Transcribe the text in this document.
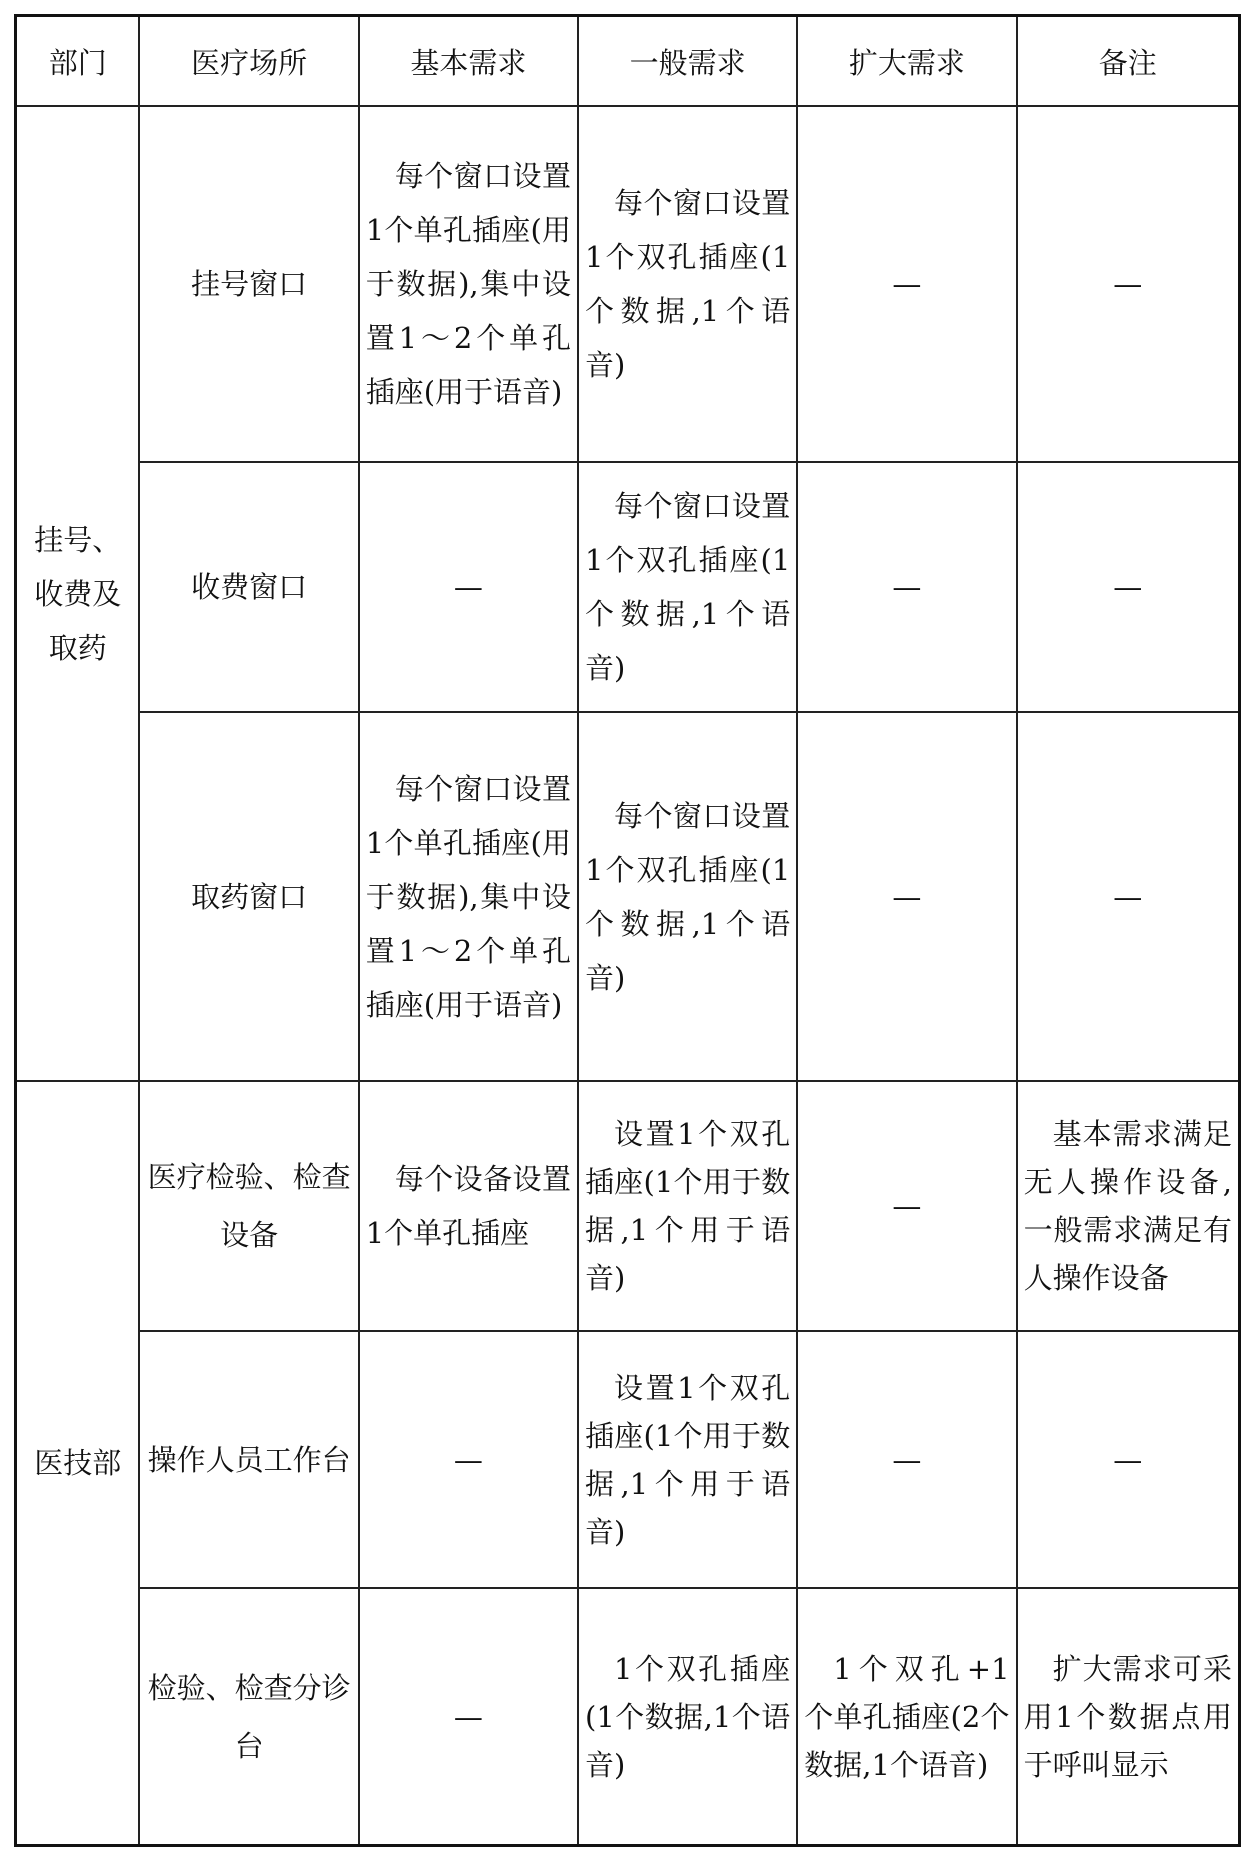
部门	医疗场所	基本需求	一般需求	扩大需求	备注
挂号、收费及取药	挂号窗口	每个窗口设置1个单孔插座(用于数据),集中设置1～2个单孔插座(用于语音)	每个窗口设置1个双孔插座(1个数据,1个语音)	—	—
	收费窗口	—	每个窗口设置1个双孔插座(1个数据,1个语音)	—	—
	取药窗口	每个窗口设置1个单孔插座(用于数据),集中设置1～2个单孔插座(用于语音)	每个窗口设置1个双孔插座(1个数据,1个语音)	—	—
医技部	医疗检验、检查设备	每个设备设置1个单孔插座	设置1个双孔插座(1个用于数据,1个用于语音)	—	基本需求满足无人操作设备,一般需求满足有人操作设备
	操作人员工作台	—	设置1个双孔插座(1个用于数据,1个用于语音)	—	—
	检验、检查分诊台	—	1个双孔插座(1个数据,1个语音)	1个双孔+1个单孔插座(2个数据,1个语音)	扩大需求可采用1个数据点用于呼叫显示
